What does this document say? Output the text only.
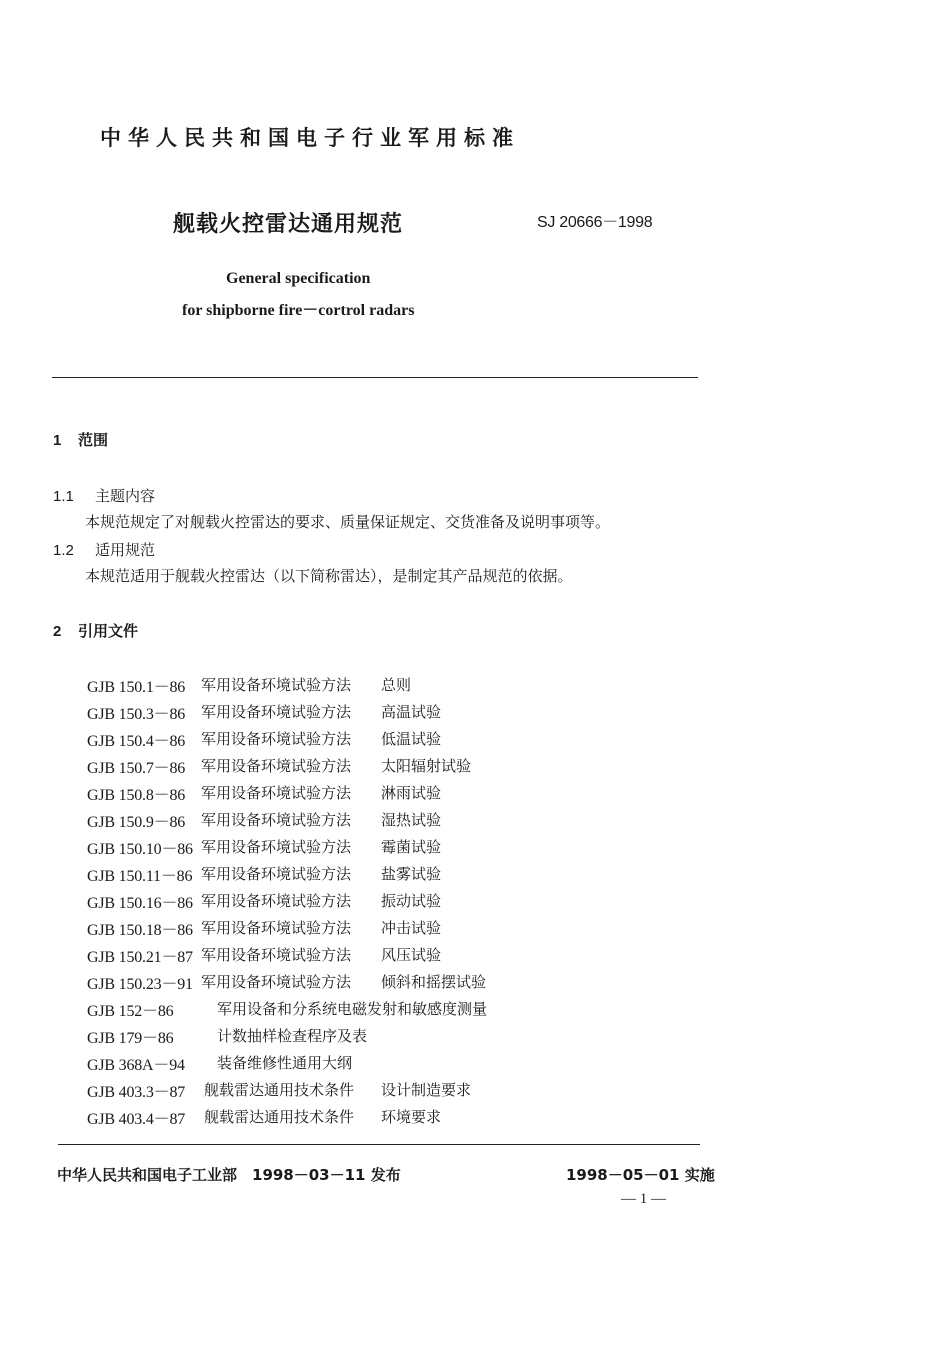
中华人民共和国电子行业军用标准
舰载火控雷达通用规范	SJ 20666－1998
General specification
for shipborne fire－cortrol radars
1 范围
1.1 主题内容
本规范规定了对舰载火控雷达的要求、质量保证规定、交货准备及说明事项等。
1.2 适用规范
本规范适用于舰载火控雷达（以下简称雷达），是制定其产品规范的依据。
2 引用文件
GJB 150.1－86 军用设备环境试验方法 总则
GJB 150.3－86 军用设备环境试验方法 高温试验
GJB 150.4－86 军用设备环境试验方法 低温试验
GJB 150.7－86 军用设备环境试验方法 太阳辐射试验
GJB 150.8－86 军用设备环境试验方法 淋雨试验
GJB 150.9－86 军用设备环境试验方法 湿热试验
GJB 150.10－86 军用设备环境试验方法 霉菌试验
GJB 150.11－86 军用设备环境试验方法 盐雾试验
GJB 150.16－86 军用设备环境试验方法 振动试验
GJB 150.18－86 军用设备环境试验方法 冲击试验
GJB 150.21－87 军用设备环境试验方法 风压试验
GJB 150.23－91 军用设备环境试验方法 倾斜和摇摆试验
GJB 152－86	军用设备和分系统电磁发射和敏感度测量
GJB 179－86	计数抽样检查程序及表
GJB 368A－94 装备维修性通用大纲
GJB 403.3－87 舰载雷达通用技术条件 设计制造要求
GJB 403.4－87 舰载雷达通用技术条件 环境要求
中华人民共和国电子工业部　1998－03－11 发布	1998－05－01 实施
— 1 —
